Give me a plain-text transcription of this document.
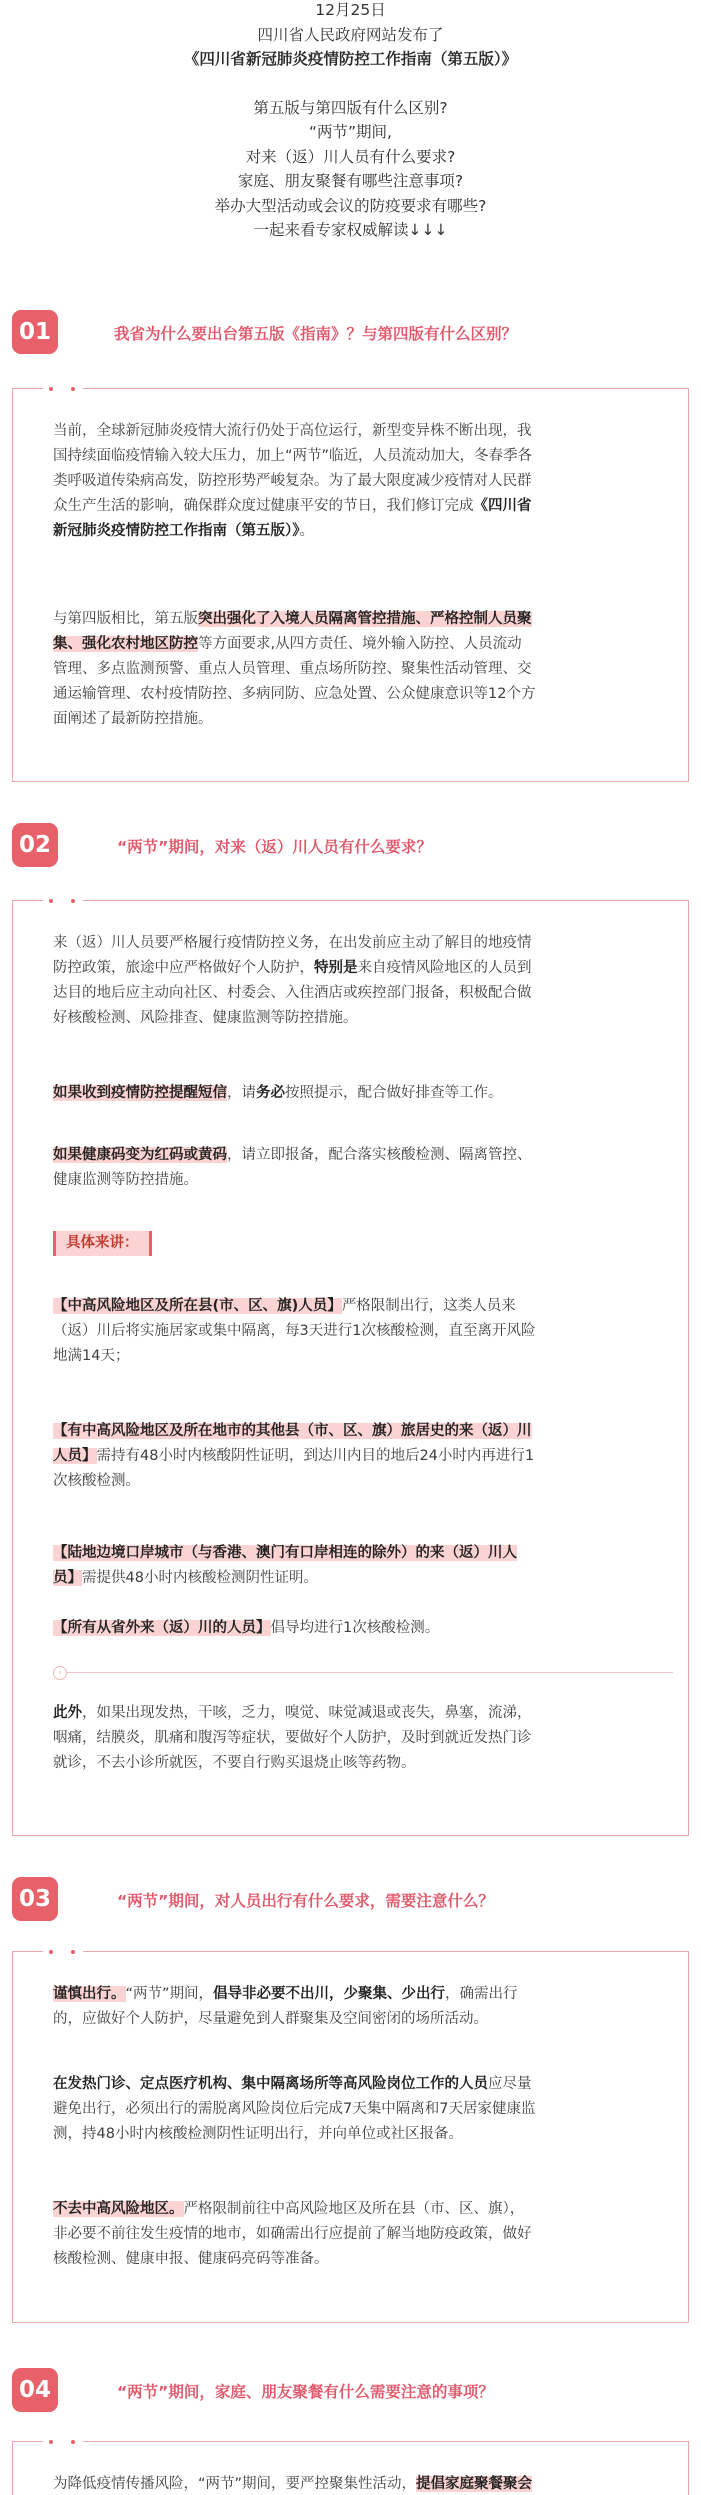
12月25日
四川省人民政府网站发布了
《四川省新冠肺炎疫情防控工作指南（第五版）》
第五版与第四版有什么区别?
“两节”期间,
对来（返）川人员有什么要求?
家庭、朋友聚餐有哪些注意事项?
举办大型活动或会议的防疫要求有哪些?
一起来看专家权威解读↓↓↓
01	我省为什么要出台第五版《指南》？与第四版有什么区别？
当前，全球新冠肺炎疫情大流行仍处于高位运行，新型变异株不断出现，我
国持续面临疫情输入较大压力，加上“两节”临近，人员流动加大，冬春季各
类呼吸道传染病高发，防控形势严峻复杂。为了最大限度减少疫情对人民群
众生产生活的影响，确保群众度过健康平安的节日，我们修订完成《四川省
新冠肺炎疫情防控工作指南（第五版）》。
与第四版相比，第五版突出强化了入境人员隔离管控措施、严格控制人员聚
集、强化农村地区防控等方面要求,从四方责任、境外输入防控、人员流动
管理、多点监测预警、重点人员管理、重点场所防控、聚集性活动管理、交
通运输管理、农村疫情防控、多病同防、应急处置、公众健康意识等12个方
面阐述了最新防控措施。
02	“两节”期间，对来（返）川人员有什么要求？
来（返）川人员要严格履行疫情防控义务，在出发前应主动了解目的地疫情
防控政策，旅途中应严格做好个人防护，特别是来自疫情风险地区的人员到
达目的地后应主动向社区、村委会、入住酒店或疾控部门报备，积极配合做
好核酸检测、风险排查、健康监测等防控措施。
如果收到疫情防控提醒短信，请务必按照提示，配合做好排查等工作。
如果健康码变为红码或黄码，请立即报备，配合落实核酸检测、隔离管控、
健康监测等防控措施。
具体来讲：
【中高风险地区及所在县(市、区、旗)人员】严格限制出行，这类人员来
（返）川后将实施居家或集中隔离，每3天进行1次核酸检测，直至离开风险
地满14天；
【有中高风险地区及所在地市的其他县（市、区、旗）旅居史的来（返）川
人员】需持有48小时内核酸阴性证明，到达川内目的地后24小时内再进行1
次核酸检测。
【陆地边境口岸城市（与香港、澳门有口岸相连的除外）的来（返）川人
员】需提供48小时内核酸检测阴性证明。
【所有从省外来（返）川的人员】倡导均进行1次核酸检测。
›
此外，如果出现发热，干咳，乏力，嗅觉、味觉减退或丧失，鼻塞，流涕，
咽痛，结膜炎，肌痛和腹泻等症状，要做好个人防护，及时到就近发热门诊
就诊，不去小诊所就医，不要自行购买退烧止咳等药物。
03	“两节”期间，对人员出行有什么要求，需要注意什么？
谨慎出行。“两节”期间，倡导非必要不出川，少聚集、少出行，确需出行
的，应做好个人防护，尽量避免到人群聚集及空间密闭的场所活动。
在发热门诊、定点医疗机构、集中隔离场所等高风险岗位工作的人员应尽量
避免出行，必须出行的需脱离风险岗位后完成7天集中隔离和7天居家健康监
测，持48小时内核酸检测阴性证明出行，并向单位或社区报备。
不去中高风险地区。严格限制前往中高风险地区及所在县（市、区、旗），
非必要不前往发生疫情的地市，如确需出行应提前了解当地防疫政策，做好
核酸检测、健康申报、健康码亮码等准备。
04	“两节”期间，家庭、朋友聚餐有什么需要注意的事项？
为降低疫情传播风险，“两节”期间，要严控聚集性活动，提倡家庭聚餐聚会
